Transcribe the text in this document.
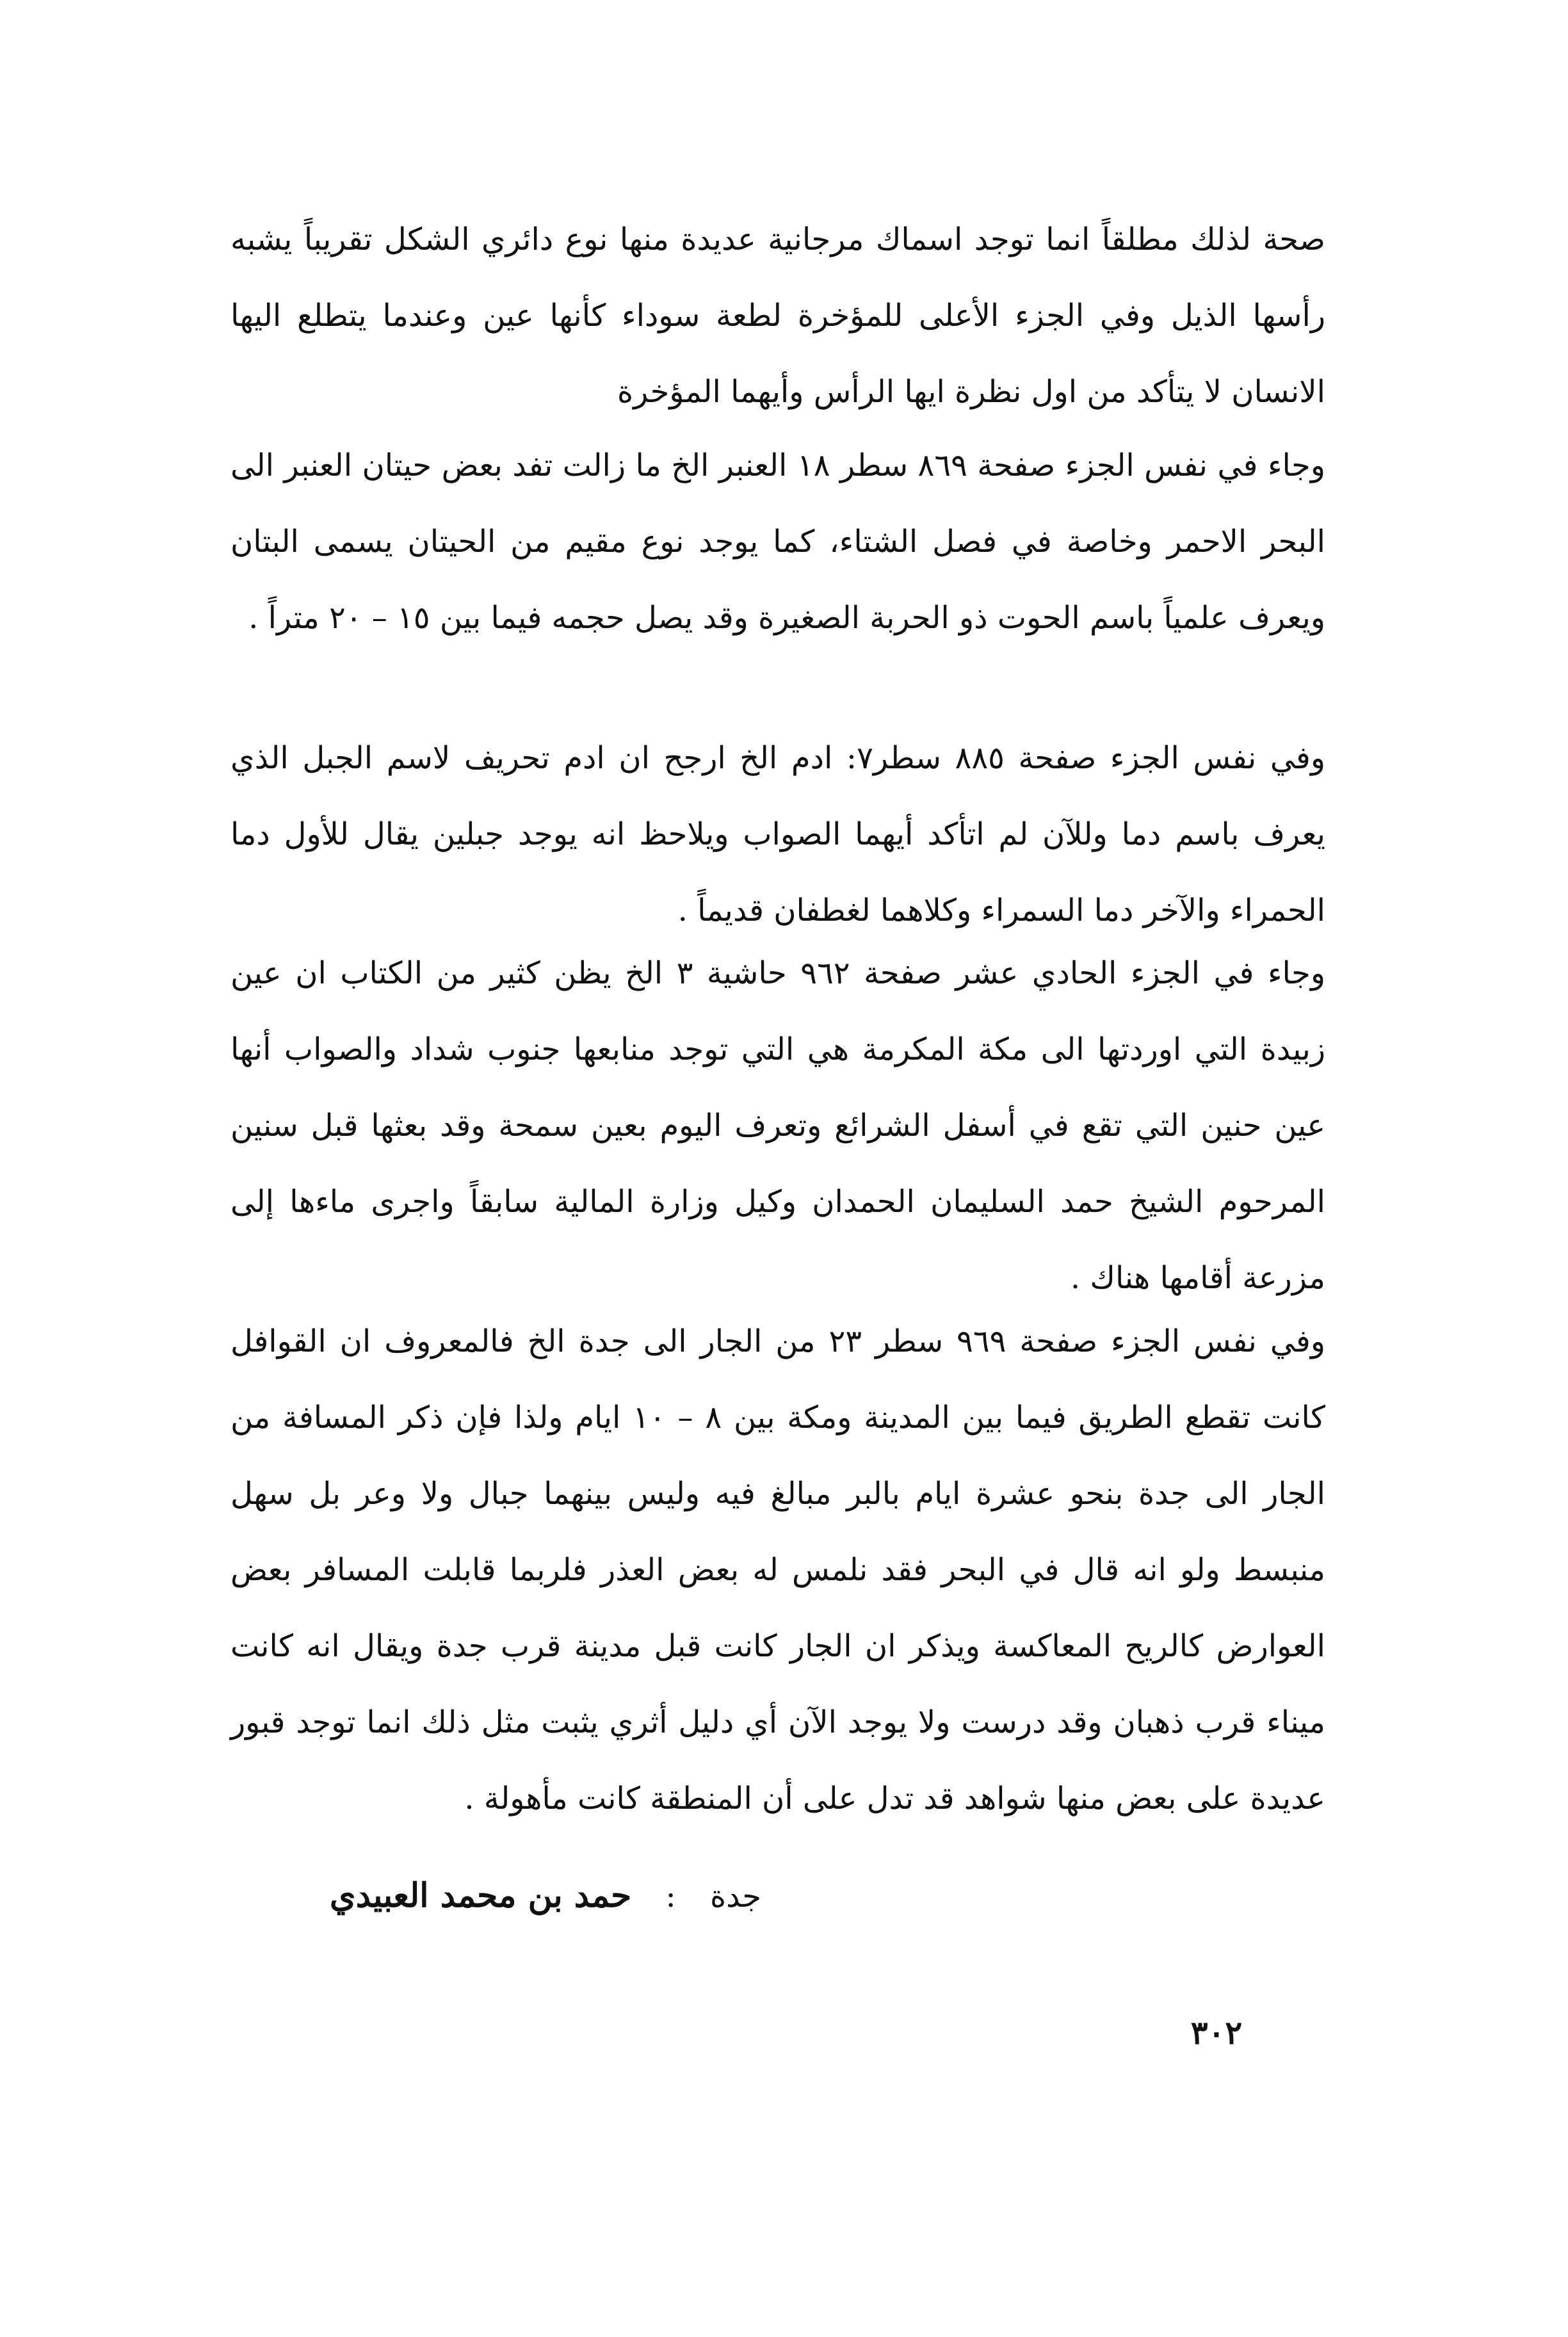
صحة لذلك مطلقاً انما توجد اسماك مرجانية عديدة منها نوع دائري الشكل تقريباً يشبه رأسها الذيل وفي الجزء الأعلى للمؤخرة لطعة سوداء كأنها عين وعندما يتطلع اليها الانسان لا يتأكد من اول نظرة ايها الرأس وأيهما المؤخرة

وجاء في نفس الجزء صفحة ٨٦٩ سطر ١٨ العنبر الخ ما زالت تفد بعض حيتان العنبر الى البحر الاحمر وخاصة في فصل الشتاء، كما يوجد نوع مقيم من الحيتان يسمى البتان ويعرف علمياً باسم الحوت ذو الحربة الصغيرة وقد يصل حجمه فيما بين ١٥ – ٢٠ متراً .

وفي نفس الجزء صفحة ٨٨٥ سطر٧: ادم الخ ارجح ان ادم تحريف لاسم الجبل الذي يعرف باسم دما وللآن لم اتأكد أيهما الصواب ويلاحظ انه يوجد جبلين يقال للأول دما الحمراء والآخر دما السمراء وكلاهما لغطفان قديماً .

وجاء في الجزء الحادي عشر صفحة ٩٦٢ حاشية ٣ الخ يظن كثير من الكتاب ان عين زبيدة التي اوردتها الى مكة المكرمة هي التي توجد منابعها جنوب شداد والصواب أنها عين حنين التي تقع في أسفل الشرائع وتعرف اليوم بعين سمحة وقد بعثها قبل سنين المرحوم الشيخ حمد السليمان الحمدان وكيل وزارة المالية سابقاً واجرى ماءها إلى مزرعة أقامها هناك .

وفي نفس الجزء صفحة ٩٦٩ سطر ٢٣ من الجار الى جدة الخ فالمعروف ان القوافل كانت تقطع الطريق فيما بين المدينة ومكة بين ٨ – ١٠ ايام ولذا فإن ذكر المسافة من الجار الى جدة بنحو عشرة ايام بالبر مبالغ فيه وليس بينهما جبال ولا وعر بل سهل منبسط ولو انه قال في البحر فقد نلمس له بعض العذر فلربما قابلت المسافر بعض العوارض كالريح المعاكسة ويذكر ان الجار كانت قبل مدينة قرب جدة ويقال انه كانت ميناء قرب ذهبان وقد درست ولا يوجد الآن أي دليل أثري يثبت مثل ذلك انما توجد قبور عديدة على بعض منها شواهد قد تدل على أن المنطقة كانت مأهولة .

جدة : حمد بن محمد العبيدي
٣٠٢
